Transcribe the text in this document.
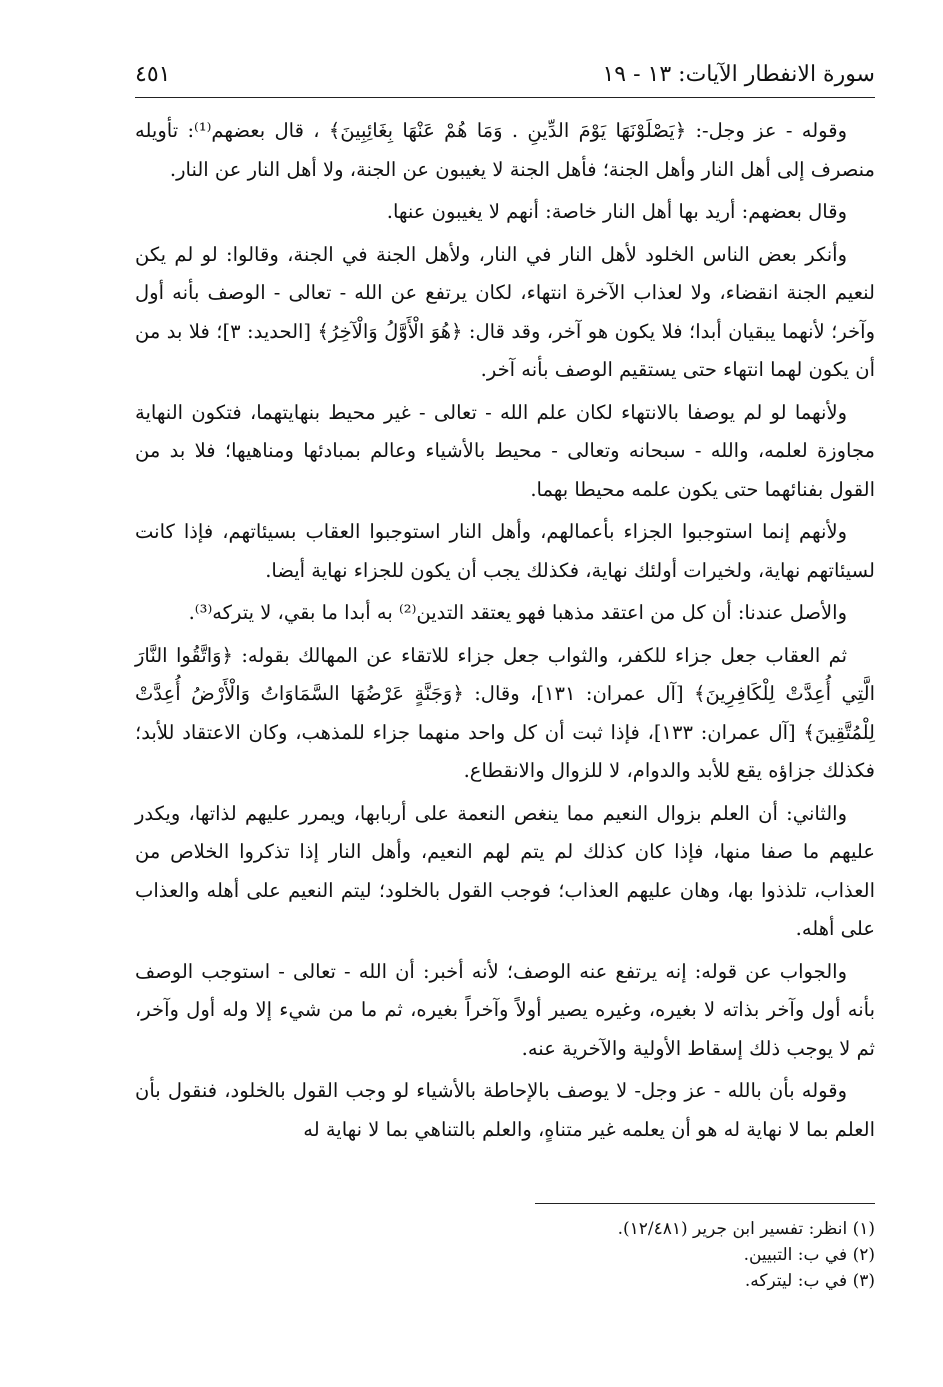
سورة الانفطار الآيات: ١٣ - ١٩
٤٥١

وقوله - عز وجل-: ﴿يَصْلَوْنَهَا يَوْمَ الدِّينِ . وَمَا هُمْ عَنْهَا بِغَائِبِينَ﴾ ، قال بعضهم⁽¹⁾: تأويله منصرف إلى أهل النار وأهل الجنة؛ فأهل الجنة لا يغيبون عن الجنة، ولا أهل النار عن النار.

وقال بعضهم: أريد بها أهل النار خاصة: أنهم لا يغيبون عنها.

وأنكر بعض الناس الخلود لأهل النار في النار، ولأهل الجنة في الجنة، وقالوا: لو لم يكن لنعيم الجنة انقضاء، ولا لعذاب الآخرة انتهاء، لكان يرتفع عن الله - تعالى - الوصف بأنه أول وآخر؛ لأنهما يبقيان أبدا؛ فلا يكون هو آخر، وقد قال: ﴿هُوَ الْأَوَّلُ وَالْآخِرُ﴾ [الحديد: ٣]؛ فلا بد من أن يكون لهما انتهاء حتى يستقيم الوصف بأنه آخر.

ولأنهما لو لم يوصفا بالانتهاء لكان علم الله - تعالى - غير محيط بنهايتهما، فتكون النهاية مجاوزة لعلمه، والله - سبحانه وتعالى - محيط بالأشياء وعالم بمبادئها ومناهيها؛ فلا بد من القول بفنائهما حتى يكون علمه محيطا بهما.

ولأنهم إنما استوجبوا الجزاء بأعمالهم، وأهل النار استوجبوا العقاب بسيئاتهم، فإذا كانت لسيئاتهم نهاية، ولخيرات أولئك نهاية، فكذلك يجب أن يكون للجزاء نهاية أيضا.

والأصل عندنا: أن كل من اعتقد مذهبا فهو يعتقد التدين⁽²⁾ به أبدا ما بقي، لا يتركه⁽³⁾.

ثم العقاب جعل جزاء للكفر، والثواب جعل جزاء للاتقاء عن المهالك بقوله: ﴿وَاتَّقُوا النَّارَ الَّتِي أُعِدَّتْ لِلْكَافِرِينَ﴾ [آل عمران: ١٣١]، وقال: ﴿وَجَنَّةٍ عَرْضُهَا السَّمَاوَاتُ وَالْأَرْضُ أُعِدَّتْ لِلْمُتَّقِينَ﴾ [آل عمران: ١٣٣]، فإذا ثبت أن كل واحد منهما جزاء للمذهب، وكان الاعتقاد للأبد؛ فكذلك جزاؤه يقع للأبد والدوام، لا للزوال والانقطاع.

والثاني: أن العلم بزوال النعيم مما ينغص النعمة على أربابها، ويمرر عليهم لذاتها، ويكدر عليهم ما صفا منها، فإذا كان كذلك لم يتم لهم النعيم، وأهل النار إذا تذكروا الخلاص من العذاب، تلذذوا بها، وهان عليهم العذاب؛ فوجب القول بالخلود؛ ليتم النعيم على أهله والعذاب على أهله.

والجواب عن قوله: إنه يرتفع عنه الوصف؛ لأنه أخبر: أن الله - تعالى - استوجب الوصف بأنه أول وآخر بذاته لا بغيره، وغيره يصير أولاً وآخراً بغيره، ثم ما من شيء إلا وله أول وآخر، ثم لا يوجب ذلك إسقاط الأولية والآخرية عنه.

وقوله بأن بالله - عز وجل- لا يوصف بالإحاطة بالأشياء لو وجب القول بالخلود، فنقول بأن العلم بما لا نهاية له هو أن يعلمه غير متناهٍ، والعلم بالتناهي بما لا نهاية له

(١) انظر: تفسير ابن جرير (١٢/٤٨١).
(٢) في ب: التبيين.
(٣) في ب: ليتركه.
